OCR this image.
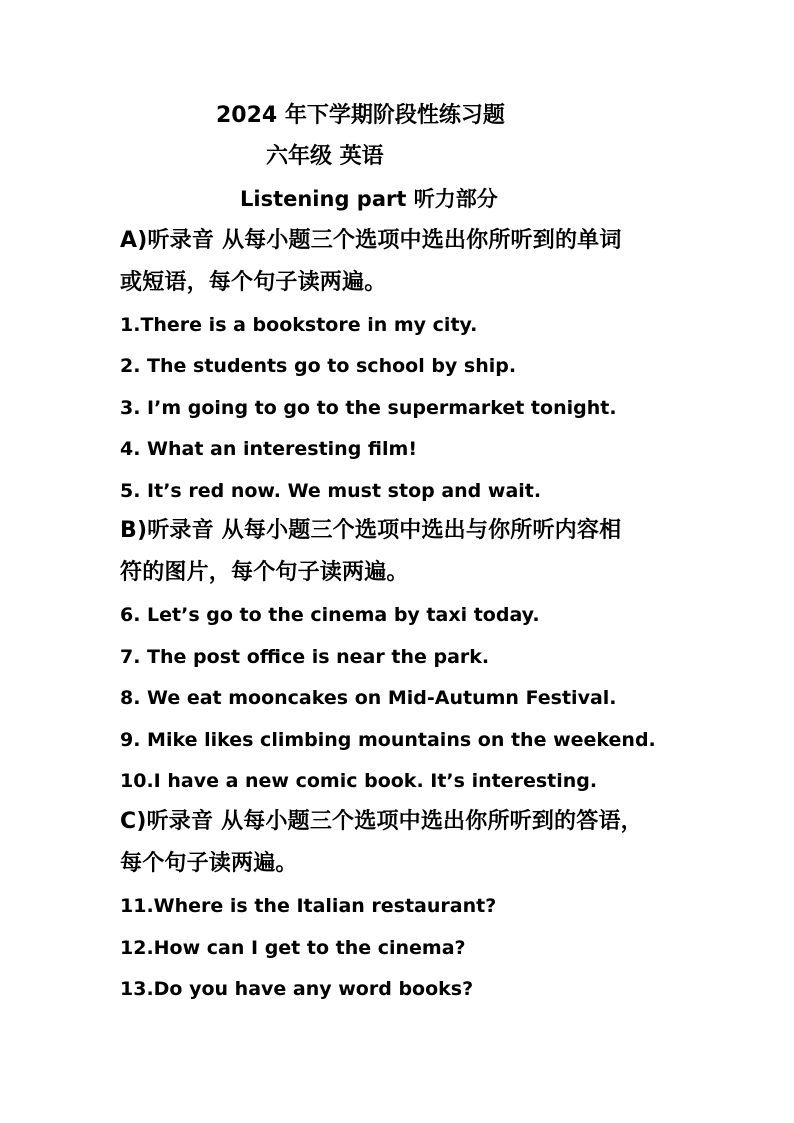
2024 年下学期阶段性练习题
六年级 英语
Listening part 听力部分
A)听录音 从每小题三个选项中选出你所听到的单词
或短语，每个句子读两遍。
1.There is a bookstore in my city.
2. The students go to school by ship.
3. I’m going to go to the supermarket tonight.
4. What an interesting film!
5. It’s red now. We must stop and wait.
B)听录音 从每小题三个选项中选出与你所听内容相
符的图片，每个句子读两遍。
6. Let’s go to the cinema by taxi today.
7. The post office is near the park.
8. We eat mooncakes on Mid-Autumn Festival.
9. Mike likes climbing mountains on the weekend.
10.I have a new comic book. It’s interesting.
C)听录音 从每小题三个选项中选出你所听到的答语，
每个句子读两遍。
11.Where is the Italian restaurant?
12.How can I get to the cinema?
13.Do you have any word books?
